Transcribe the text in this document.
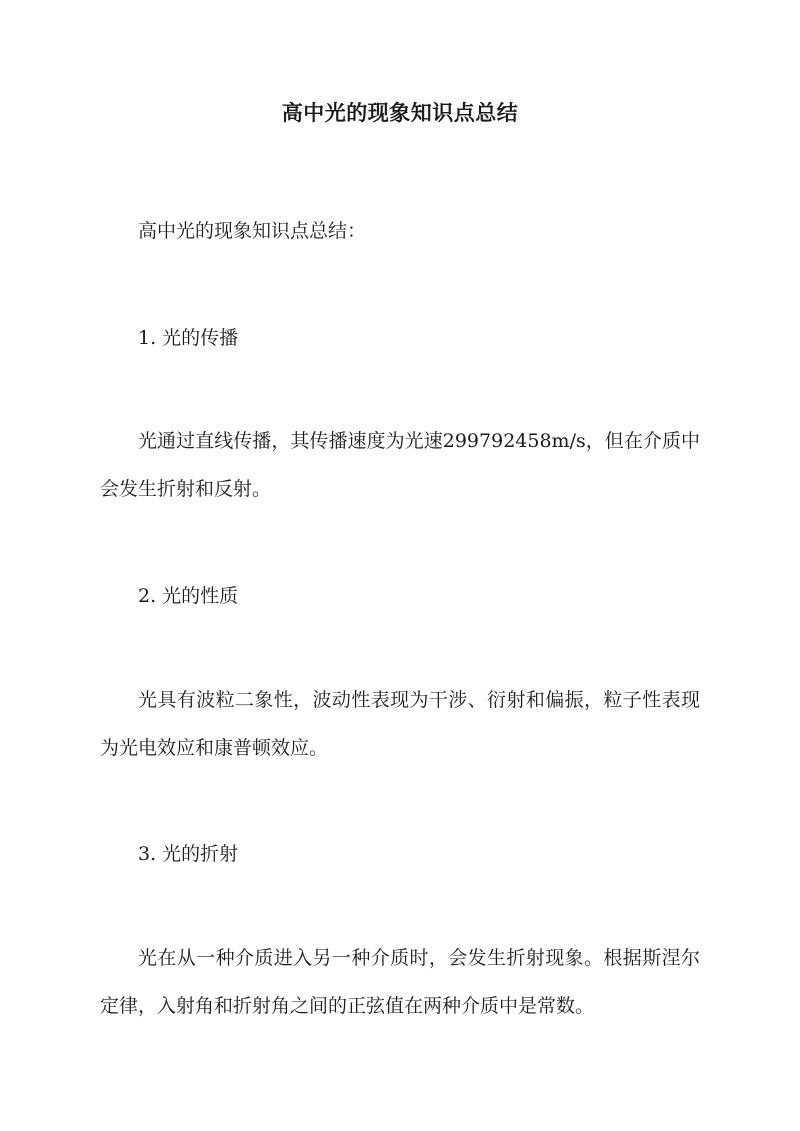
高中光的现象知识点总结
高中光的现象知识点总结：
1. 光的传播
光通过直线传播，其传播速度为光速299792458m/s，但在介质中会发生折射和反射。
2. 光的性质
光具有波粒二象性，波动性表现为干涉、衍射和偏振，粒子性表现为光电效应和康普顿效应。
3. 光的折射
光在从一种介质进入另一种介质时，会发生折射现象。根据斯涅尔定律，入射角和折射角之间的正弦值在两种介质中是常数。
